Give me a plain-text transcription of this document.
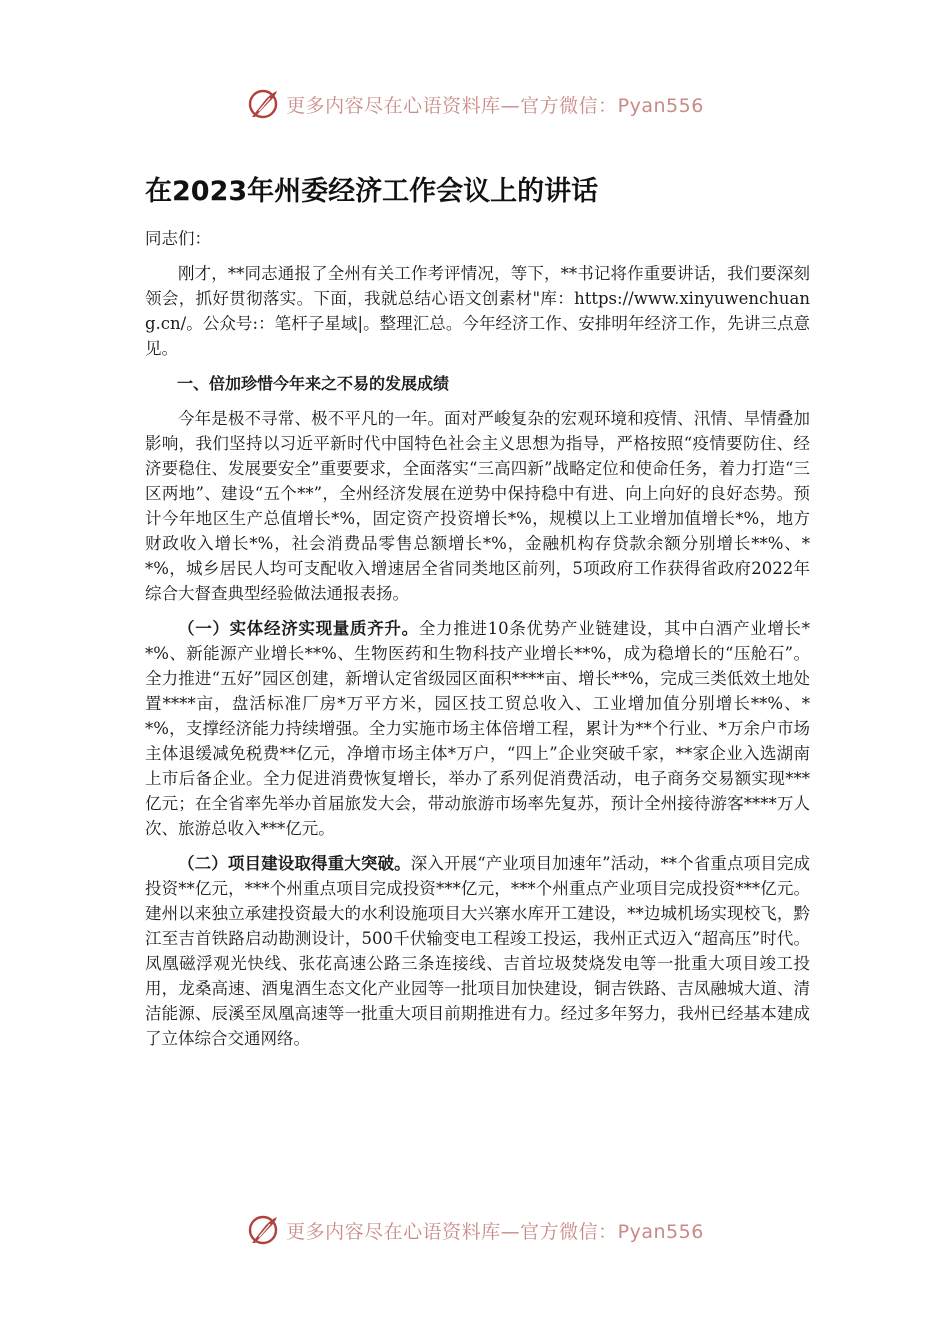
更多内容尽在心语资料库—官方微信：Pyan556
在2023年州委经济工作会议上的讲话

同志们：

刚才，**同志通报了全州有关工作考评情况，等下，**书记将作重要讲话，我们要深刻领会，抓好贯彻落实。下面，我就总结心语文创素材"库：https://www.xinyuwenchuang.cn/。公众号:：笔杆子星域|。整理汇总。今年经济工作、安排明年经济工作，先讲三点意见。

一、倍加珍惜今年来之不易的发展成绩

今年是极不寻常、极不平凡的一年。面对严峻复杂的宏观环境和疫情、汛情、旱情叠加影响，我们坚持以习近平新时代中国特色社会主义思想为指导，严格按照“疫情要防住、经济要稳住、发展要安全”重要要求，全面落实“三高四新”战略定位和使命任务，着力打造“三区两地”、建设“五个**”，全州经济发展在逆势中保持稳中有进、向上向好的良好态势。预计今年地区生产总值增长*%，固定资产投资增长*%，规模以上工业增加值增长*%，地方财政收入增长*%，社会消费品零售总额增长*%，金融机构存贷款余额分别增长**%、**%，城乡居民人均可支配收入增速居全省同类地区前列，5项政府工作获得省政府2022年综合大督查典型经验做法通报表扬。

（一）实体经济实现量质齐升。全力推进10条优势产业链建设，其中白酒产业增长**%、新能源产业增长**%、生物医药和生物科技产业增长**%，成为稳增长的“压舱石”。全力推进“五好”园区创建，新增认定省级园区面积****亩、增长**%，完成三类低效土地处置****亩，盘活标准厂房*万平方米，园区技工贸总收入、工业增加值分别增长**%、**%，支撑经济能力持续增强。全力实施市场主体倍增工程，累计为**个行业、*万余户市场主体退缓减免税费**亿元，净增市场主体*万户，“四上”企业突破千家，**家企业入选湖南上市后备企业。全力促进消费恢复增长，举办了系列促消费活动，电子商务交易额实现***亿元；在全省率先举办首届旅发大会，带动旅游市场率先复苏，预计全州接待游客****万人次、旅游总收入***亿元。

（二）项目建设取得重大突破。深入开展“产业项目加速年”活动，**个省重点项目完成投资**亿元，***个州重点项目完成投资***亿元，***个州重点产业项目完成投资***亿元。建州以来独立承建投资最大的水利设施项目大兴寨水库开工建设，**边城机场实现校飞，黔江至吉首铁路启动勘测设计，500千伏输变电工程竣工投运，我州正式迈入“超高压”时代。凤凰磁浮观光快线、张花高速公路三条连接线、吉首垃圾焚烧发电等一批重大项目竣工投用，龙桑高速、酒鬼酒生态文化产业园等一批项目加快建设，铜吉铁路、吉凤融城大道、清洁能源、辰溪至凤凰高速等一批重大项目前期推进有力。经过多年努力，我州已经基本建成了立体综合交通网络。

更多内容尽在心语资料库—官方微信：Pyan556
